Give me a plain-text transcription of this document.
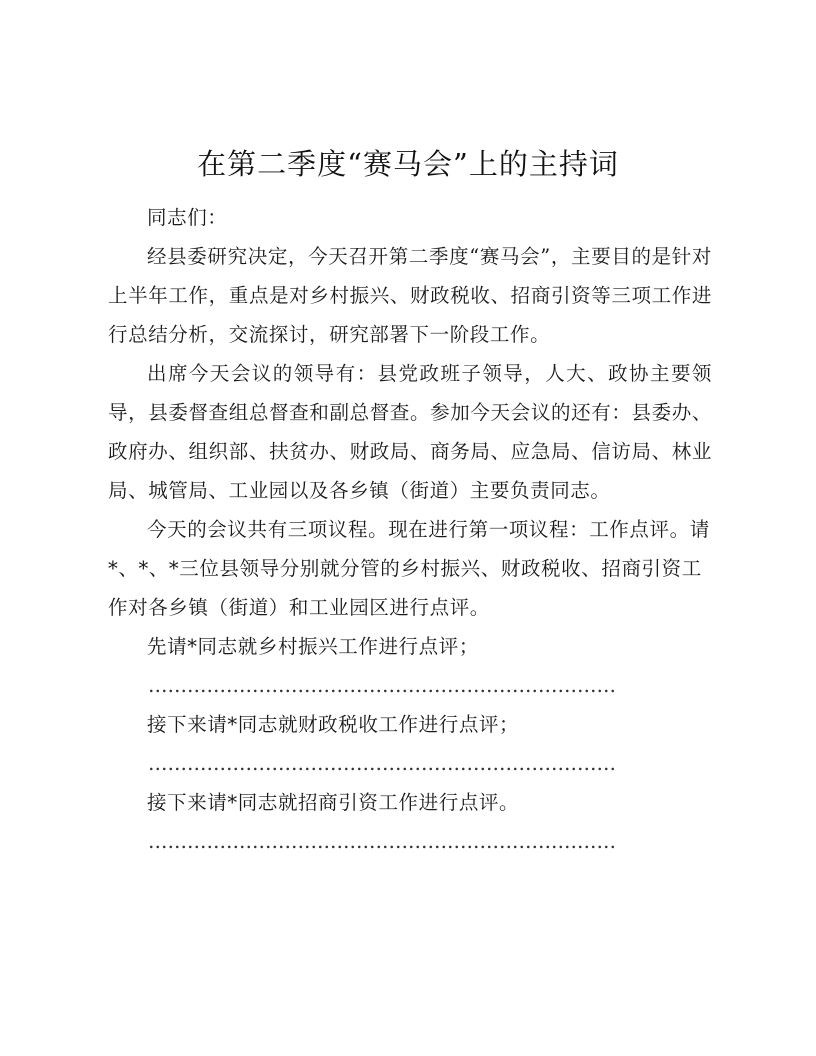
在第二季度“赛马会”上的主持词

同志们：

经县委研究决定，今天召开第二季度“赛马会”，主要目的是针对上半年工作，重点是对乡村振兴、财政税收、招商引资等三项工作进行总结分析，交流探讨，研究部署下一阶段工作。

出席今天会议的领导有：县党政班子领导，人大、政协主要领导，县委督查组总督查和副总督查。参加今天会议的还有：县委办、政府办、组织部、扶贫办、财政局、商务局、应急局、信访局、林业局、城管局、工业园以及各乡镇（街道）主要负责同志。

今天的会议共有三项议程。现在进行第一项议程：工作点评。请*、*、*三位县领导分别就分管的乡村振兴、财政税收、招商引资工作对各乡镇（街道）和工业园区进行点评。

先请*同志就乡村振兴工作进行点评；

………………………………………………………………

接下来请*同志就财政税收工作进行点评；

………………………………………………………………

接下来请*同志就招商引资工作进行点评。

………………………………………………………………
